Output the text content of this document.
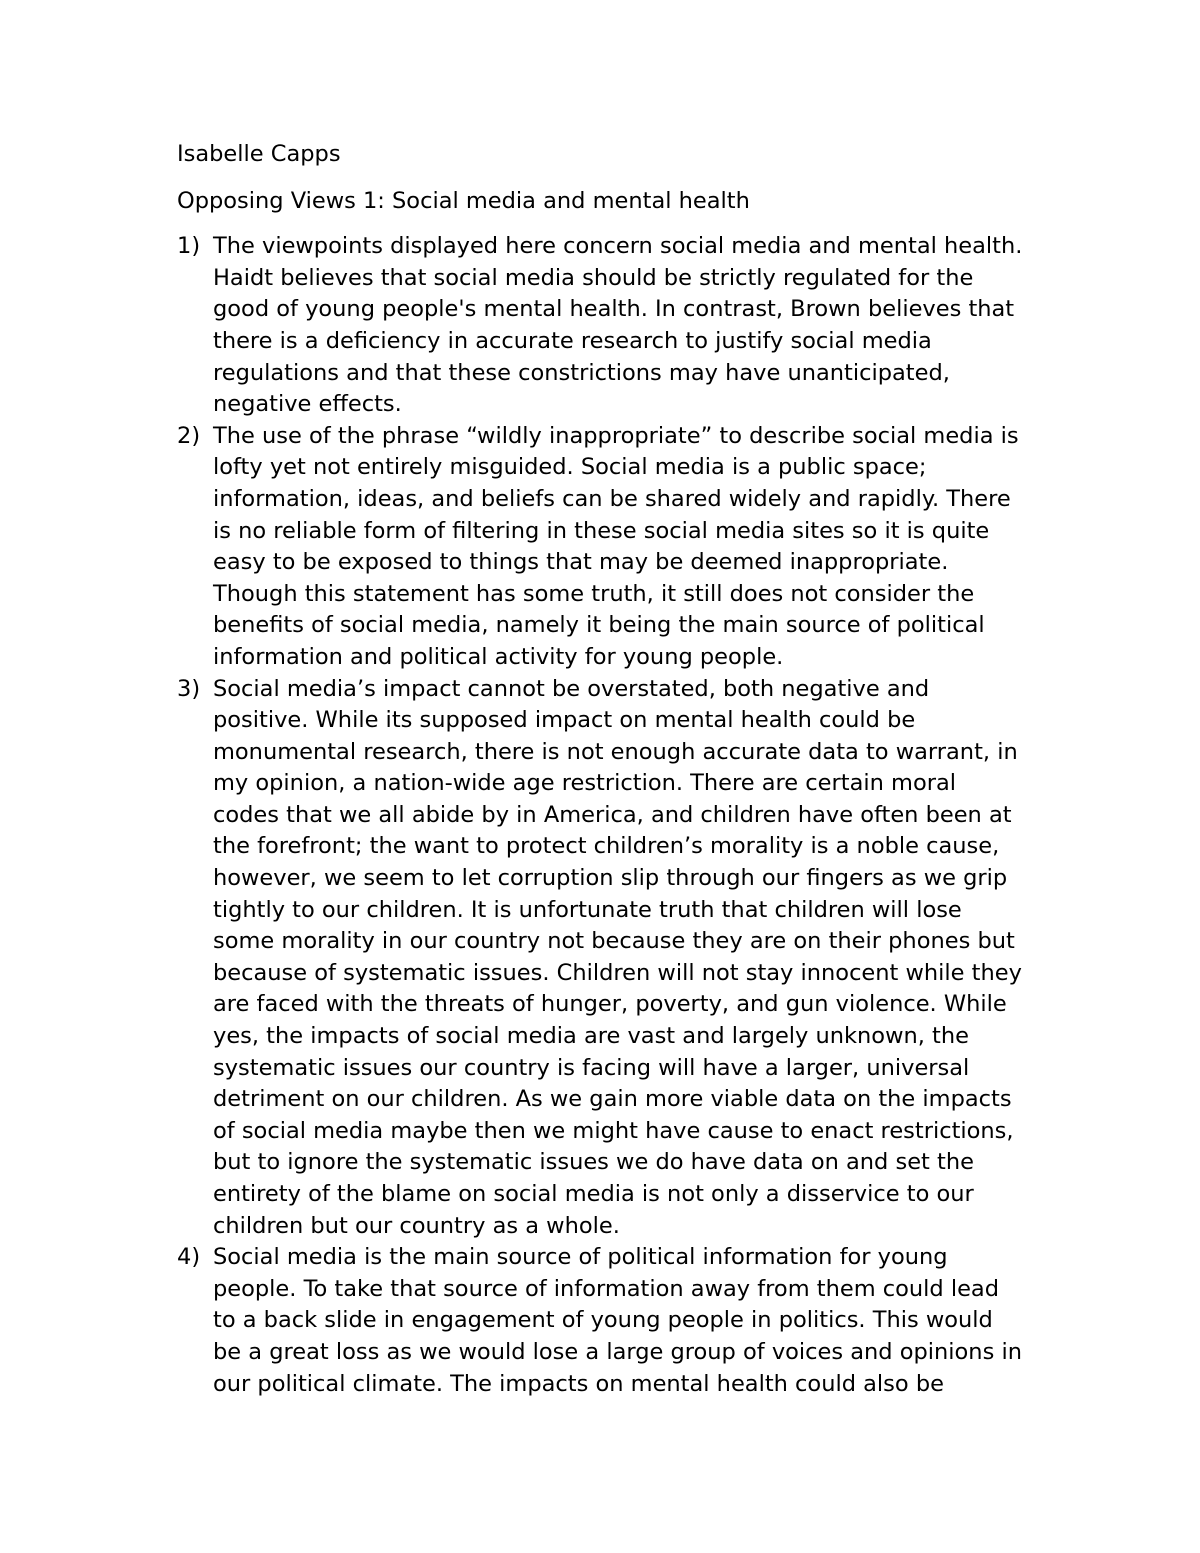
Isabelle Capps

Opposing Views 1: Social media and mental health

1) The viewpoints displayed here concern social media and mental health.
Haidt believes that social media should be strictly regulated for the
good of young people's mental health. In contrast, Brown believes that
there is a deficiency in accurate research to justify social media
regulations and that these constrictions may have unanticipated,
negative effects.
2) The use of the phrase “wildly inappropriate” to describe social media is
lofty yet not entirely misguided. Social media is a public space;
information, ideas, and beliefs can be shared widely and rapidly. There
is no reliable form of filtering in these social media sites so it is quite
easy to be exposed to things that may be deemed inappropriate.
Though this statement has some truth, it still does not consider the
benefits of social media, namely it being the main source of political
information and political activity for young people.
3) Social media’s impact cannot be overstated, both negative and
positive. While its supposed impact on mental health could be
monumental research, there is not enough accurate data to warrant, in
my opinion, a nation-wide age restriction. There are certain moral
codes that we all abide by in America, and children have often been at
the forefront; the want to protect children’s morality is a noble cause,
however, we seem to let corruption slip through our fingers as we grip
tightly to our children. It is unfortunate truth that children will lose
some morality in our country not because they are on their phones but
because of systematic issues. Children will not stay innocent while they
are faced with the threats of hunger, poverty, and gun violence. While
yes, the impacts of social media are vast and largely unknown, the
systematic issues our country is facing will have a larger, universal
detriment on our children. As we gain more viable data on the impacts
of social media maybe then we might have cause to enact restrictions,
but to ignore the systematic issues we do have data on and set the
entirety of the blame on social media is not only a disservice to our
children but our country as a whole.
4) Social media is the main source of political information for young
people. To take that source of information away from them could lead
to a back slide in engagement of young people in politics. This would
be a great loss as we would lose a large group of voices and opinions in
our political climate. The impacts on mental health could also be
